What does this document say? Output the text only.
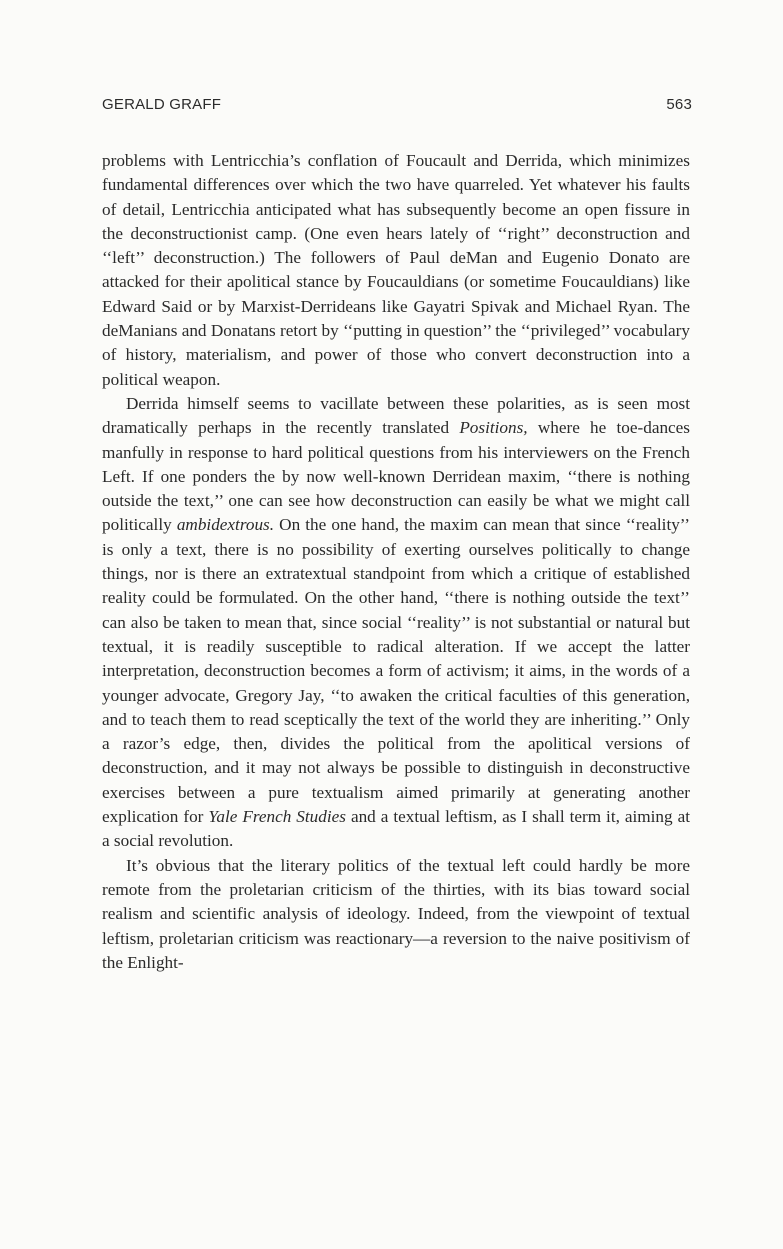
GERALD GRAFF	563

problems with Lentricchia’s conflation of Foucault and Derrida, which minimizes fundamental differences over which the two have quarreled. Yet whatever his faults of detail, Lentricchia anticipated what has subsequently become an open fissure in the deconstructionist camp. (One even hears lately of ‘‘right’’ deconstruction and ‘‘left’’ deconstruction.) The followers of Paul deMan and Eugenio Donato are attacked for their apolitical stance by Foucauldians (or sometime Foucauldians) like Edward Said or by Marxist-Derrideans like Gayatri Spivak and Michael Ryan. The deManians and Donatans retort by ‘‘putting in question’’ the ‘‘privileged’’ vocabulary of history, materialism, and power of those who convert deconstruction into a political weapon.

Derrida himself seems to vacillate between these polarities, as is seen most dramatically perhaps in the recently translated Positions, where he toe-dances manfully in response to hard political questions from his interviewers on the French Left. If one ponders the by now well-known Derridean maxim, ‘‘there is nothing outside the text,’’ one can see how deconstruction can easily be what we might call politically ambidextrous. On the one hand, the maxim can mean that since ‘‘reality’’ is only a text, there is no possibility of exerting ourselves politically to change things, nor is there an extratextual standpoint from which a critique of established reality could be formulated. On the other hand, ‘‘there is nothing outside the text’’ can also be taken to mean that, since social ‘‘reality’’ is not substantial or natural but textual, it is readily susceptible to radical alteration. If we accept the latter interpretation, deconstruction becomes a form of activism; it aims, in the words of a younger advocate, Gregory Jay, ‘‘to awaken the critical faculties of this generation, and to teach them to read sceptically the text of the world they are inheriting.’’ Only a razor’s edge, then, divides the political from the apolitical versions of deconstruction, and it may not always be possible to distinguish in deconstructive exercises between a pure textualism aimed primarily at generating another explication for Yale French Studies and a textual leftism, as I shall term it, aiming at a social revolution.

It’s obvious that the literary politics of the textual left could hardly be more remote from the proletarian criticism of the thirties, with its bias toward social realism and scientific analysis of ideology. Indeed, from the viewpoint of textual leftism, proletarian criticism was reactionary—a reversion to the naive positivism of the Enlight-
